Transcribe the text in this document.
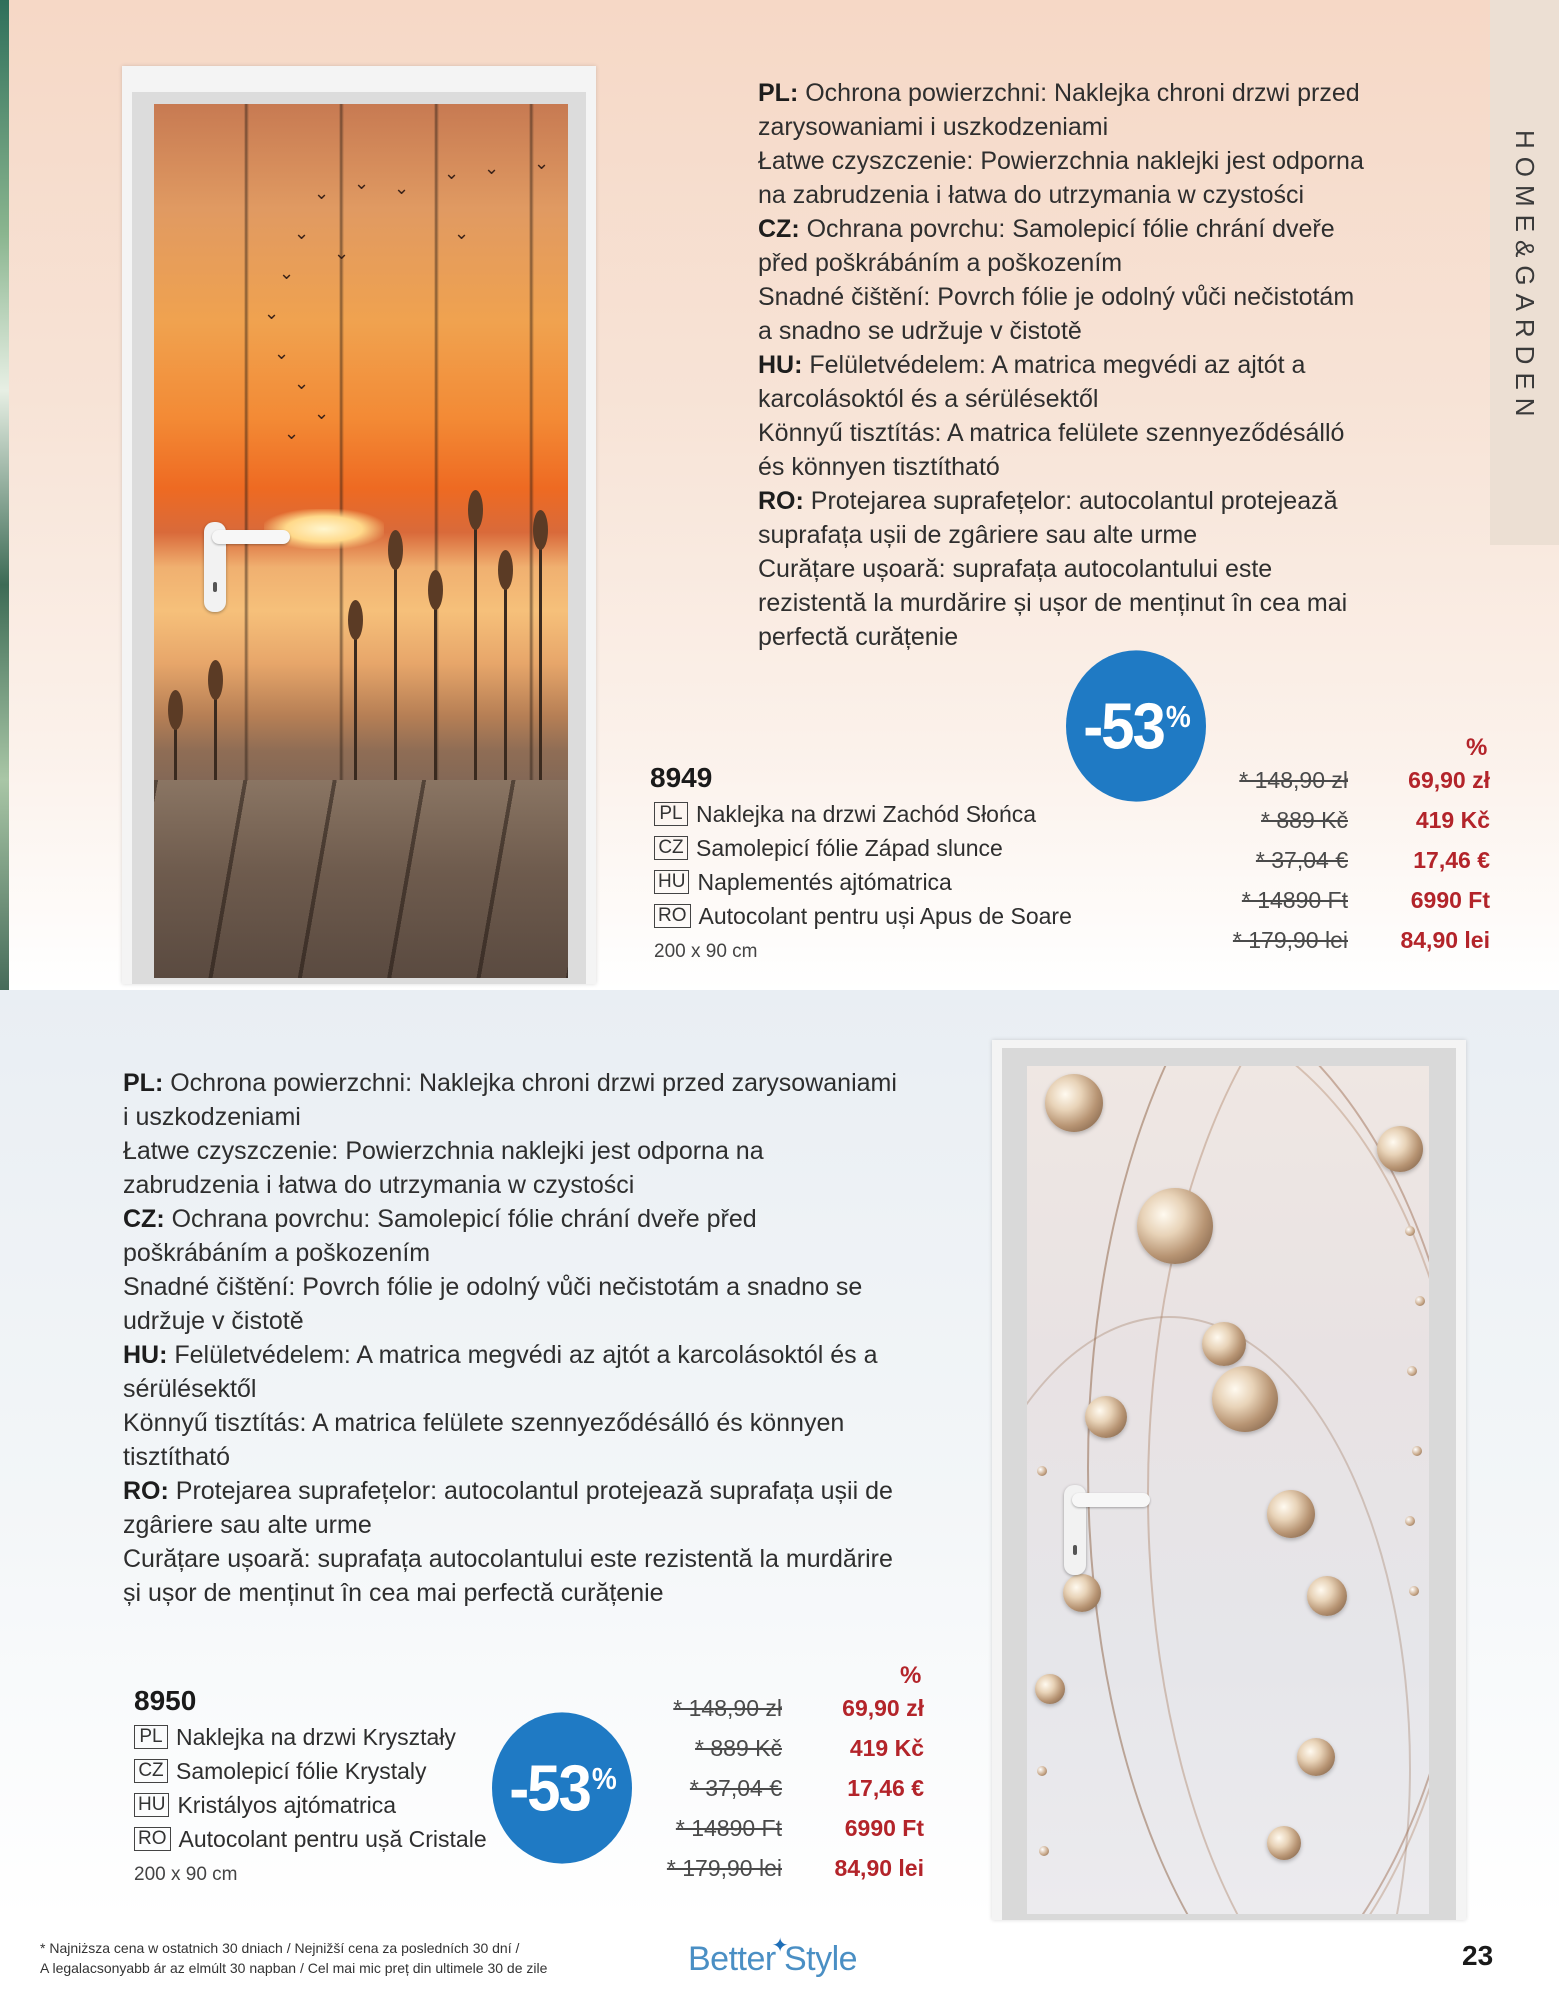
HOME&GARDEN
⌄ ⌄ ⌄
⌄ ⌄ ⌄
⌄
⌄
⌄
⌄
⌄
⌄
⌄
⌄
⌄

PL: Ochrona powierzchni: Naklejka chroni drzwi przed zarysowaniami i uszkodzeniami

Łatwe czyszczenie: Powierzchnia naklejki jest odporna na zabrudzenia i łatwa do utrzymania w czystości

CZ: Ochrana povrchu: Samolepicí fólie chrání dveře před poškrábáním a poškozením

Snadné čištění: Povrch fólie je odolný vůči nečistotám a snadno se udržuje v čistotě

HU: Felületvédelem: A matrica megvédi az ajtót a karcolásoktól és a sérülésektől

Könnyű tisztítás: A matrica felülete szennyeződésálló és könnyen tisztítható

RO: Protejarea suprafețelor: autocolantul protejează suprafața ușii de zgâriere sau alte urme

Curățare ușoară: suprafața autocolantului este rezistentă la murdărire și ușor de menținut în cea mai perfectă curățenie

-53%
8949
PL Naklejka na drzwi Zachód Słońca
CZ Samolepicí fólie Západ slunce
HU Naplementés ajtómatrica
RO Autocolant pentru uși Apus de Soare
200 x 90 cm
%
* 148,90 zł	69,90 zł
* 889 Kč	419 Kč
* 37,04 €	17,46 €
* 14890 Ft	6990 Ft
* 179,90 lei	84,90 lei

PL: Ochrona powierzchni: Naklejka chroni drzwi przed zarysowaniami i uszkodzeniami

Łatwe czyszczenie: Powierzchnia naklejki jest odporna na zabrudzenia i łatwa do utrzymania w czystości

CZ: Ochrana povrchu: Samolepicí fólie chrání dveře před poškrábáním a poškozením

Snadné čištění: Povrch fólie je odolný vůči nečistotám a snadno se udržuje v čistotě

HU: Felületvédelem: A matrica megvédi az ajtót a karcolásoktól és a sérülésektől

Könnyű tisztítás: A matrica felülete szennyeződésálló és könnyen tisztítható

RO: Protejarea suprafețelor: autocolantul protejează suprafața ușii de zgâriere sau alte urme

Curățare ușoară: suprafața autocolantului este rezistentă la murdărire și ușor de menținut în cea mai perfectă curățenie

8950
PL Naklejka na drzwi Kryształy
CZ Samolepicí fólie Krystaly
HU Kristályos ajtómatrica
RO Autocolant pentru ușă Cristale
200 x 90 cm
-53%
%
* 148,90 zł	69,90 zł
* 889 Kč	419 Kč
* 37,04 €	17,46 €
* 14890 Ft	6990 Ft
* 179,90 lei	84,90 lei
* Najniższa cena w ostatnich 30 dniach / Nejnižší cena za posledních 30 dní /
A legalacsonyabb ár az elmúlt 30 napban / Cel mai mic preț din ultimele 30 de zile	Better✦Style	23
